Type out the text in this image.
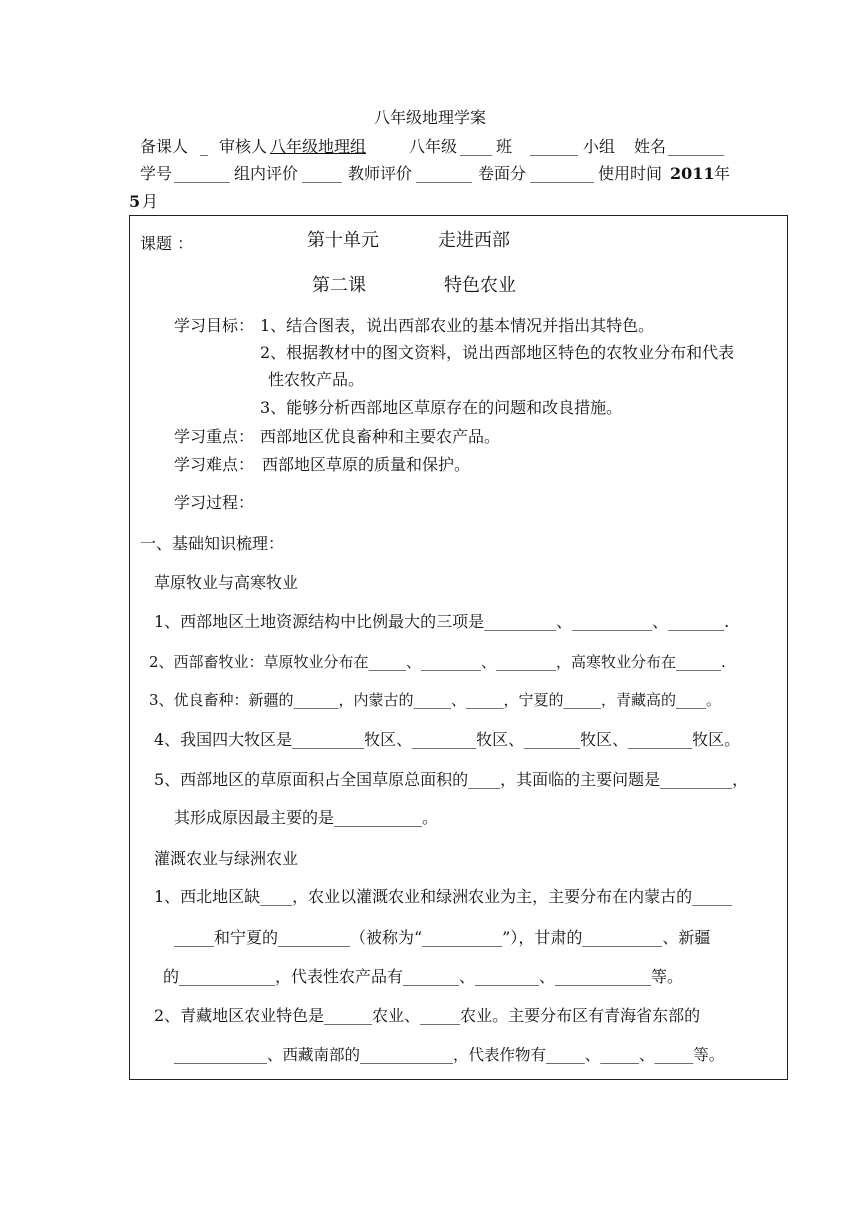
八年级地理学案
备课人 _ 审核人 八年级地理组	八年级 ____ 班 ______ 小组 姓名 _______
学号 _______ 组内评价 _____ 教师评价 _______ 卷面分 ________ 使用时间 2011 年
5 月
课题 ：	第十单元	走进西部
第二课	特色农业
学习目标： 1、结合图表，说出西部农业的基本情况并指出其特色。
2、根据教材中的图文资料，说出西部地区特色的农牧业分布和代表
性农牧产品。
3、能够分析西部地区草原存在的问题和改良措施。
学习重点： 西部地区优良畜种和主要农产品。
学习难点： 西部地区草原的质量和保护。
学习过程：
一、基础知识梳理：
草原牧业与高寒牧业
1、西部地区土地资源结构中比例最大的三项是_________、__________、_______.
2、西部畜牧业：草原牧业分布在_____、________、________，高寒牧业分布在______.
3、优良畜种：新疆的______，内蒙古的_____、_____，宁夏的_____，青藏高的____。
4、我国四大牧区是_________牧区、________牧区、_______牧区、________牧区。
5、西部地区的草原面积占全国草原总面积的____，其面临的主要问题是_________，
其形成原因最主要的是___________。
灌溉农业与绿洲农业
1、西北地区缺____，农业以灌溉农业和绿洲农业为主，主要分布在内蒙古的_____
_____和宁夏的_________（被称为“__________”），甘肃的__________、新疆
的____________，代表性农产品有_______、________、____________等。
2、青藏地区农业特色是______农业、_____农业。主要分布区有青海省东部的
____________、西藏南部的____________，代表作物有_____、_____、_____等。
